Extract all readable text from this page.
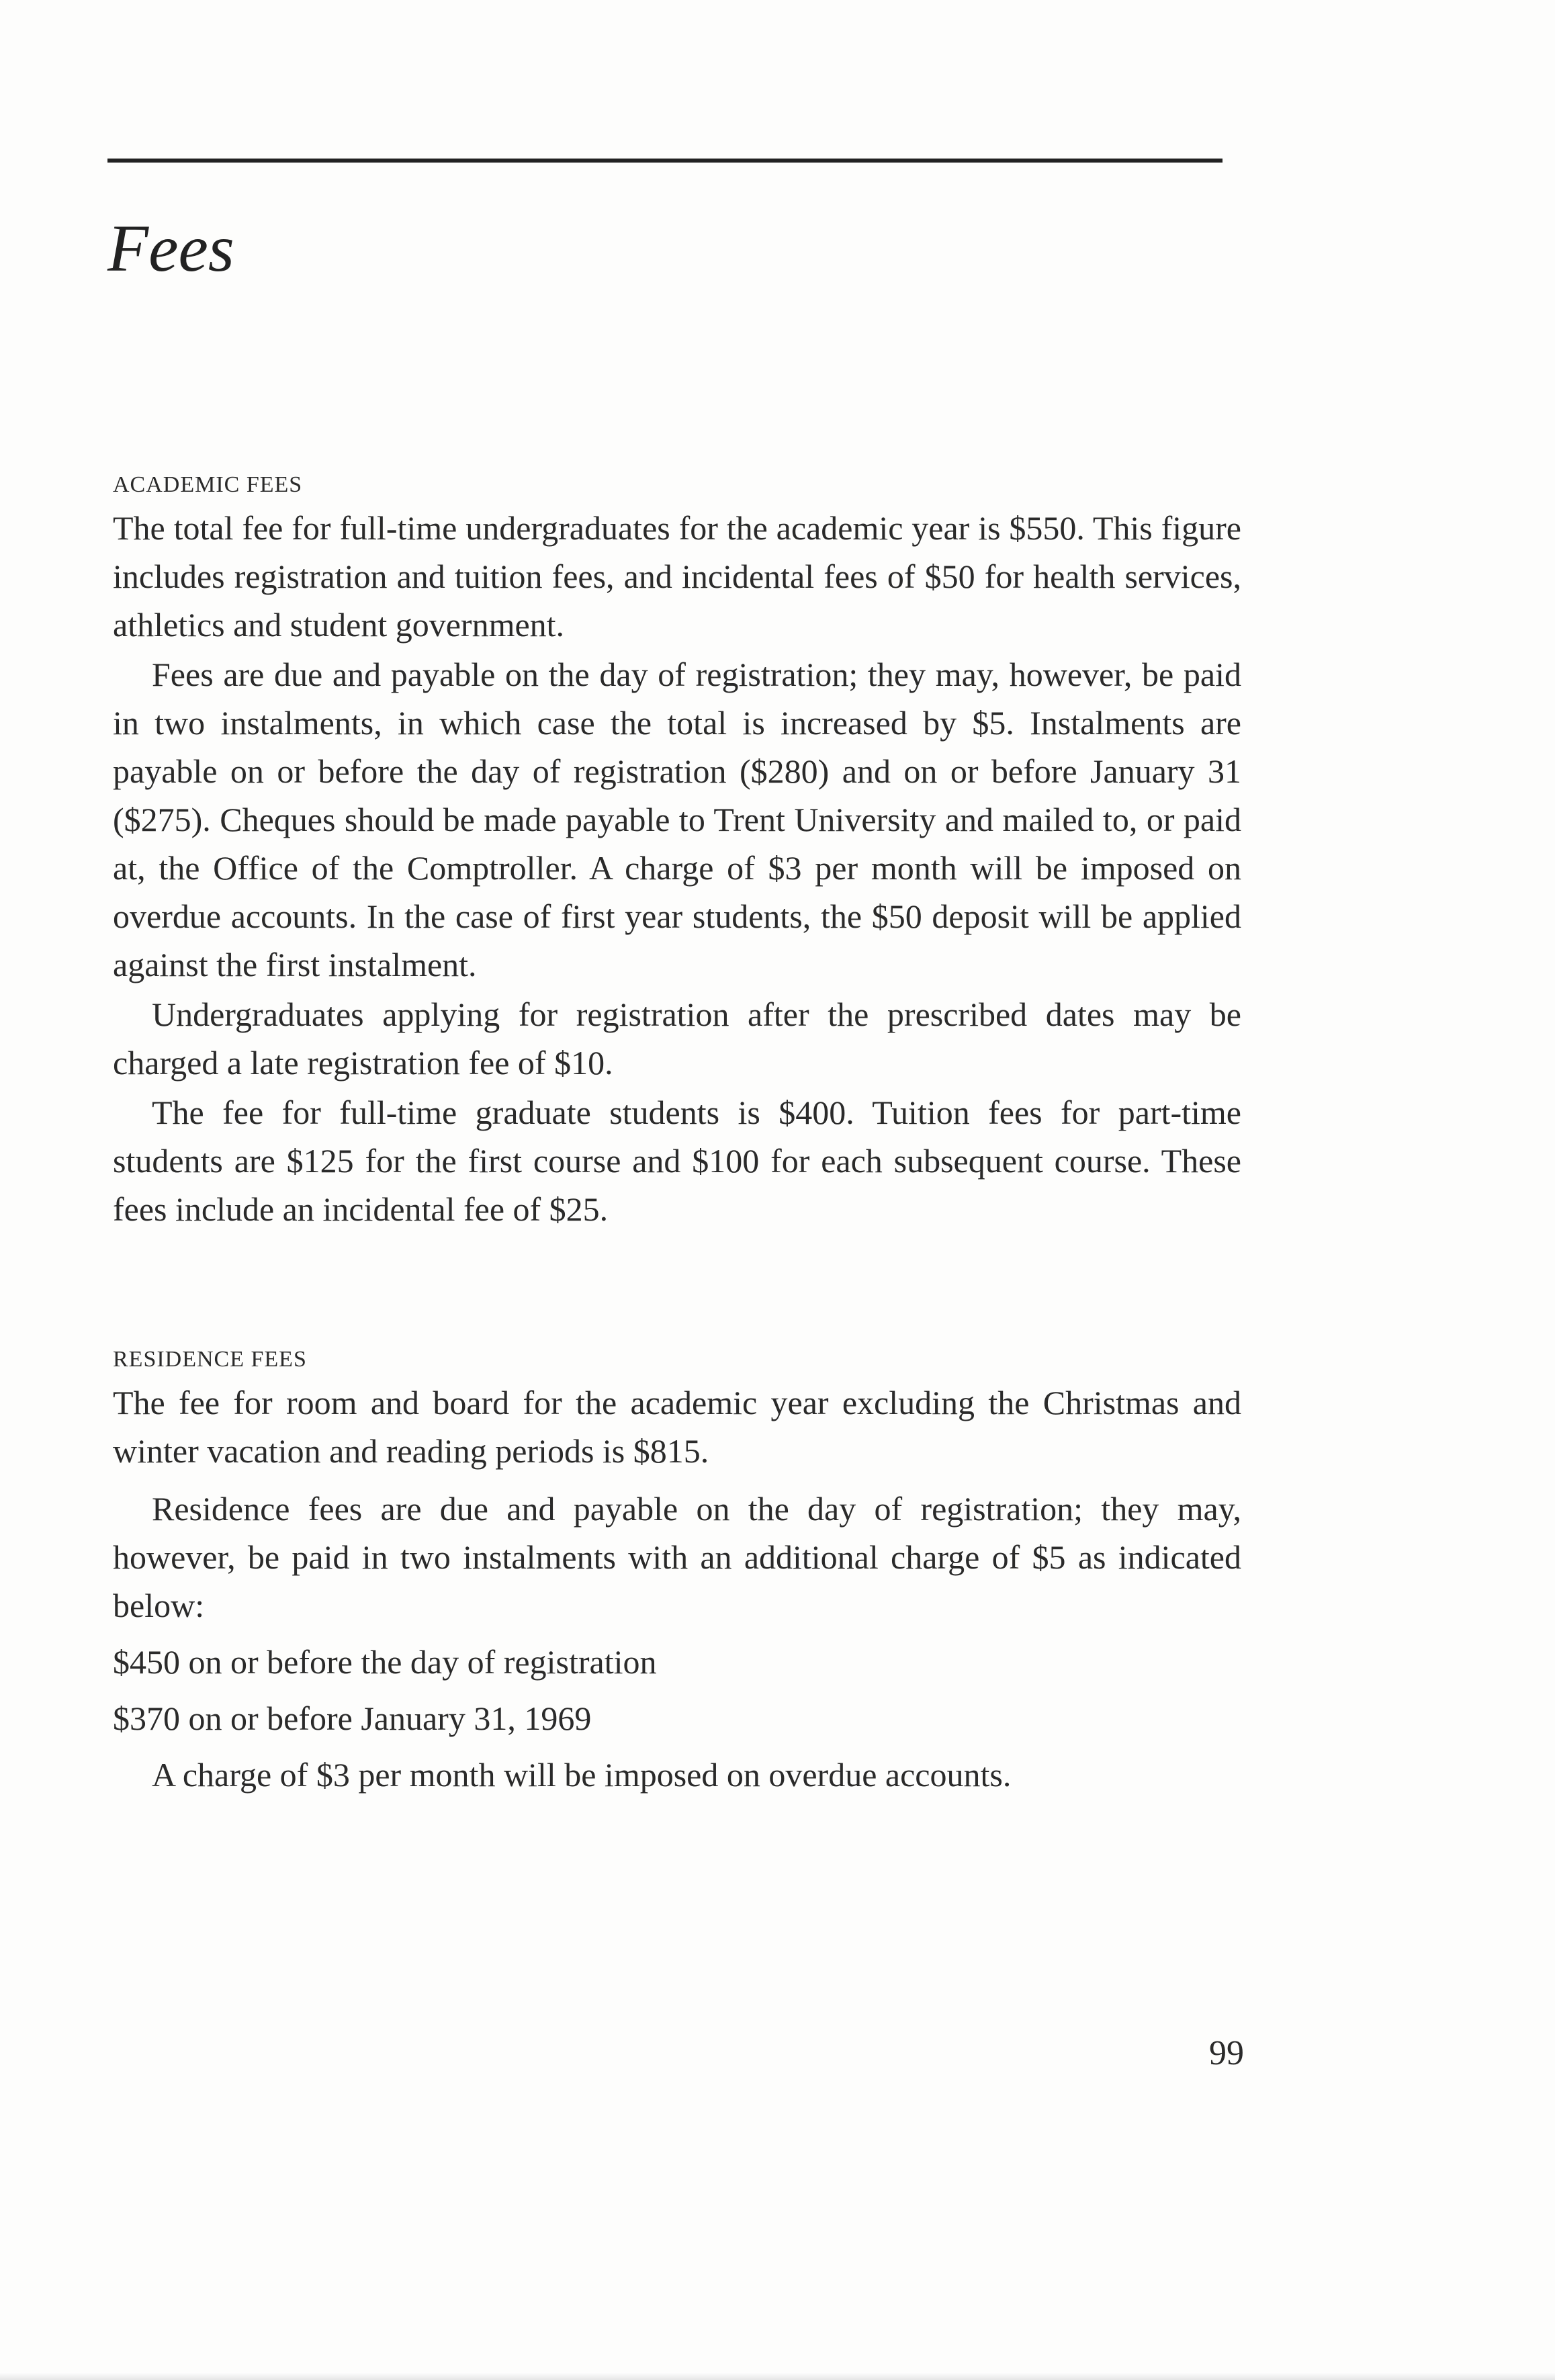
Fees
ACADEMIC FEES

The total fee for full-time undergraduates for the academic year is $550. This figure includes registration and tuition fees, and incidental fees of $50 for health services, athletics and student government.

Fees are due and payable on the day of registration; they may, however, be paid in two instalments, in which case the total is increased by $5. Instalments are payable on or before the day of registration ($280) and on or before January 31 ($275). Cheques should be made payable to Trent University and mailed to, or paid at, the Office of the Comptroller. A charge of $3 per month will be imposed on overdue accounts. In the case of first year students, the $50 deposit will be applied against the first instalment.

Undergraduates applying for registration after the prescribed dates may be charged a late registration fee of $10.

The fee for full-time graduate students is $400. Tuition fees for part-time students are $125 for the first course and $100 for each subsequent course. These fees include an incidental fee of $25.

RESIDENCE FEES

The fee for room and board for the academic year excluding the Christmas and winter vacation and reading periods is $815.

Residence fees are due and payable on the day of registration; they may, however, be paid in two instalments with an additional charge of $5 as indicated below:

$450 on or before the day of registration

$370 on or before January 31, 1969

A charge of $3 per month will be imposed on overdue accounts.

99
